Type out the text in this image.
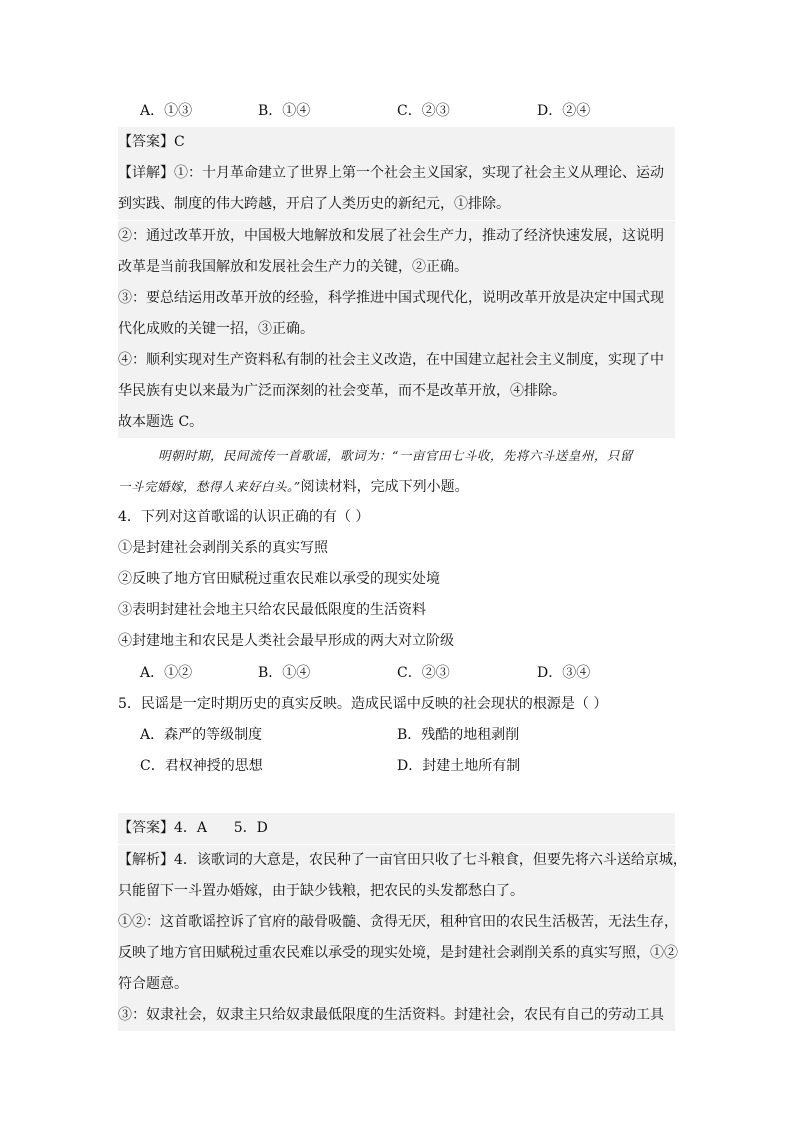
A．①③	B．①④	C．②③	D．②④
【答案】C
【详解】①：十月革命建立了世界上第一个社会主义国家，实现了社会主义从理论、运动
到实践、制度的伟大跨越，开启了人类历史的新纪元，①排除。
②：通过改革开放，中国极大地解放和发展了社会生产力，推动了经济快速发展，这说明
改革是当前我国解放和发展社会生产力的关键，②正确。
③：要总结运用改革开放的经验，科学推进中国式现代化，说明改革开放是决定中国式现
代化成败的关键一招，③正确。
④：顺利实现对生产资料私有制的社会主义改造，在中国建立起社会主义制度，实现了中
华民族有史以来最为广泛而深刻的社会变革，而不是改革开放，④排除。
故本题选 C。
明朝时期，民间流传一首歌谣，歌词为：“一亩官田七斗收，先将六斗送皇州，只留
一斗完婚嫁，愁得人来好白头。”阅读材料，完成下列小题。
4．下列对这首歌谣的认识正确的有（ ）
①是封建社会剥削关系的真实写照
②反映了地方官田赋税过重农民难以承受的现实处境
③表明封建社会地主只给农民最低限度的生活资料
④封建地主和农民是人类社会最早形成的两大对立阶级
A．①②	B．①④	C．②③	D．③④
5．民谣是一定时期历史的真实反映。造成民谣中反映的社会现状的根源是（ ）
A．森严的等级制度	B．残酷的地租剥削
C．君权神授的思想	D．封建土地所有制
【答案】4．A      5．D
【解析】4．该歌词的大意是，农民种了一亩官田只收了七斗粮食，但要先将六斗送给京城，
只能留下一斗置办婚嫁，由于缺少钱粮，把农民的头发都愁白了。
①②：这首歌谣控诉了官府的敲骨吸髓、贪得无厌，租种官田的农民生活极苦，无法生存，
反映了地方官田赋税过重农民难以承受的现实处境，是封建社会剥削关系的真实写照，①②
符合题意。
③：奴隶社会，奴隶主只给奴隶最低限度的生活资料。封建社会，农民有自己的劳动工具
